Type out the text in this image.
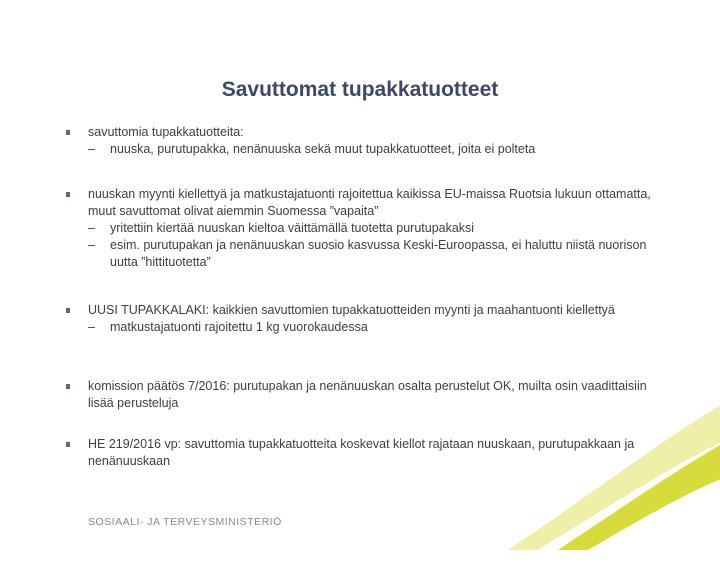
Savuttomat tupakkatuotteet
savuttomia tupakkatuotteita:
– nuuska, purutupakka, nenänuuska sekä muut tupakkatuotteet, joita ei polteta
nuuskan myynti kiellettyä ja matkustajatuonti rajoitettua kaikissa EU-maissa Ruotsia lukuun ottamatta, muut savuttomat olivat aiemmin Suomessa ”vapaita”
– yritettiin kiertää nuuskan kieltoa väittämällä tuotetta purutupakaksi
– esim. purutupakan ja nenänuuskan suosio kasvussa Keski-Euroopassa, ei haluttu niistä nuorison uutta ”hittituotetta”
UUSI TUPAKKALAKI: kaikkien savuttomien tupakkatuotteiden myynti ja maahantuonti kiellettyä
– matkustajatuonti rajoitettu 1 kg vuorokaudessa
komission päätös 7/2016: purutupakan ja nenänuuskan osalta perustelut OK, muilta osin vaadittaisiin lisää perusteluja
HE 219/2016 vp: savuttomia tupakkatuotteita koskevat kiellot rajataan nuuskaan, purutupakkaan ja nenänuuskaan
SOSIAALI- JA TERVEYSMINISTERIÖ
